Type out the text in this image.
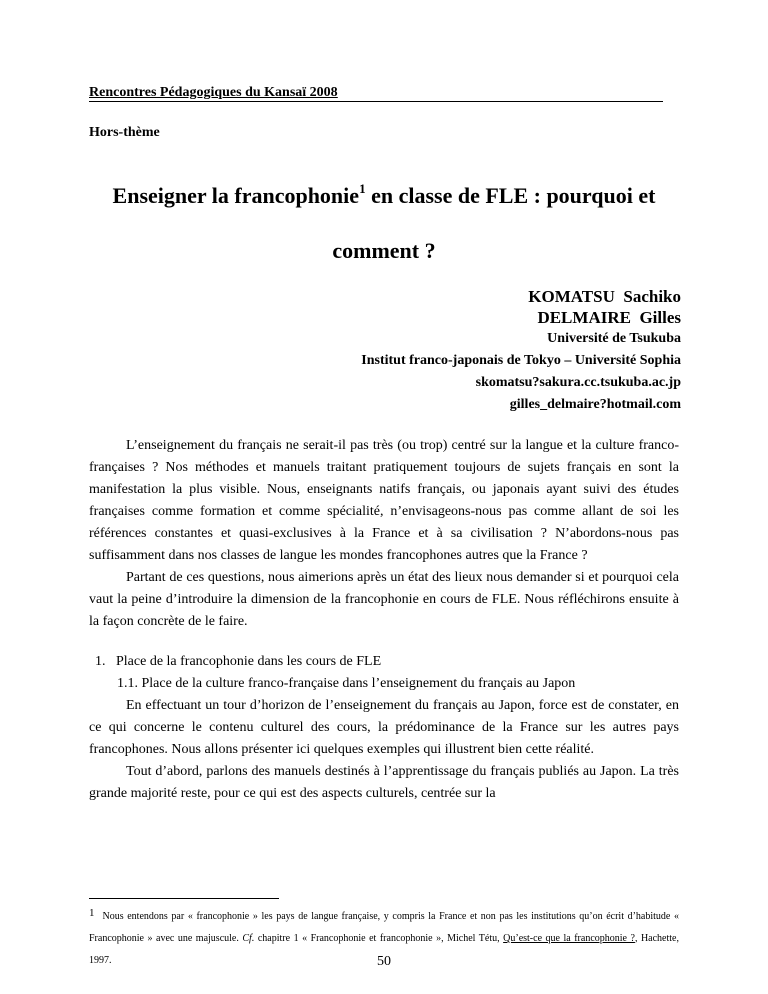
Rencontres Pédagogiques du Kansaï 2008
Hors-thème
Enseigner la francophonie$^1$ en classe de FLE : pourquoi et
comment ?
KOMATSU  Sachiko
DELMAIRE  Gilles
Université de Tsukuba
Institut franco-japonais de Tokyo – Université Sophia
skomatsu?sakura.cc.tsukuba.ac.jp
gilles_delmaire?hotmail.com

L’enseignement du français ne serait-il pas très (ou trop) centré sur la langue et la culture franco-françaises ? Nos méthodes et manuels traitant pratiquement toujours de sujets français en sont la manifestation la plus visible. Nous, enseignants natifs français, ou japonais ayant suivi des études françaises comme formation et comme spécialité, n’envisageons-nous pas comme allant de soi les références constantes et quasi-exclusives à la France et à sa civilisation ? N’abordons-nous pas suffisamment dans nos classes de langue les mondes francophones autres que la France ?

Partant de ces questions, nous aimerions après un état des lieux nous demander si et pourquoi cela vaut la peine d’introduire la dimension de la francophonie en cours de FLE. Nous réfléchirons ensuite à la façon concrète de le faire.

1.   Place de la francophonie dans les cours de FLE
1.1. Place de la culture franco-française dans l’enseignement du français au Japon

En effectuant un tour d’horizon de l’enseignement du français au Japon, force est de constater, en ce qui concerne le contenu culturel des cours, la prédominance de la France sur les autres pays francophones. Nous allons présenter ici quelques exemples qui illustrent bien cette réalité.

Tout d’abord, parlons des manuels destinés à l’apprentissage du français publiés au Japon. La très grande majorité reste, pour ce qui est des aspects culturels, centrée sur la

1 Nous entendons par « francophonie » les pays de langue française, y compris la France et non pas les institutions qu’on écrit d’habitude « Francophonie » avec une majuscule. Cf. chapitre 1 « Francophonie et francophonie », Michel Tétu, Qu’est-ce que la francophonie ?, Hachette, 1997.	50
